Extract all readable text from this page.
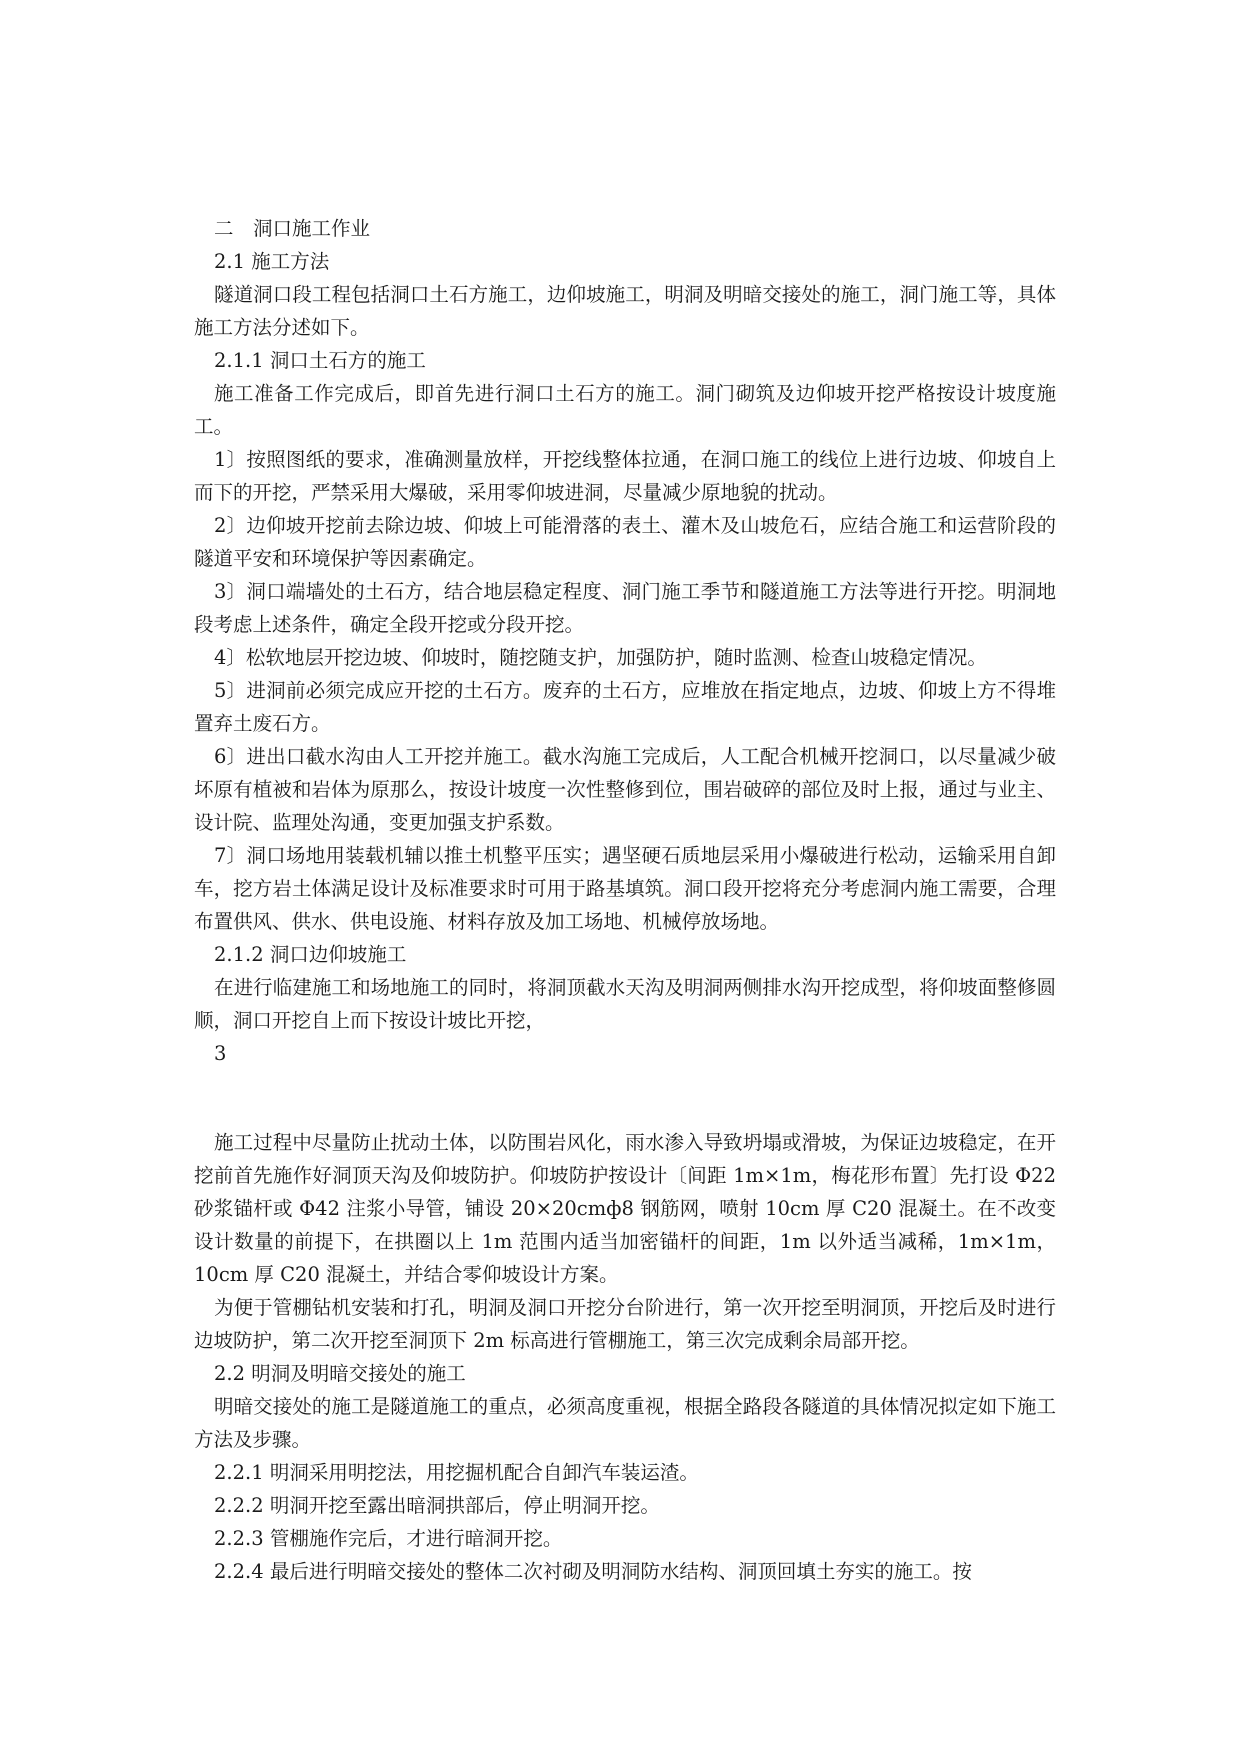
二　洞口施工作业

2.1 施工方法

隧道洞口段工程包括洞口土石方施工，边仰坡施工，明洞及明暗交接处的施工，洞门施工等，具体施工方法分述如下。

2.1.1 洞口土石方的施工

施工准备工作完成后，即首先进行洞口土石方的施工。洞门砌筑及边仰坡开挖严格按设计坡度施工。

1〕按照图纸的要求，准确测量放样，开挖线整体拉通，在洞口施工的线位上进行边坡、仰坡自上而下的开挖，严禁采用大爆破，采用零仰坡进洞，尽量减少原地貌的扰动。

2〕边仰坡开挖前去除边坡、仰坡上可能滑落的表土、灌木及山坡危石，应结合施工和运营阶段的隧道平安和环境保护等因素确定。

3〕洞口端墙处的土石方，结合地层稳定程度、洞门施工季节和隧道施工方法等进行开挖。明洞地段考虑上述条件，确定全段开挖或分段开挖。

4〕松软地层开挖边坡、仰坡时，随挖随支护，加强防护，随时监测、检查山坡稳定情况。

5〕进洞前必须完成应开挖的土石方。废弃的土石方，应堆放在指定地点，边坡、仰坡上方不得堆置弃土废石方。

6〕进出口截水沟由人工开挖并施工。截水沟施工完成后，人工配合机械开挖洞口，以尽量减少破坏原有植被和岩体为原那么，按设计坡度一次性整修到位，围岩破碎的部位及时上报，通过与业主、设计院、监理处沟通，变更加强支护系数。

7〕洞口场地用装载机辅以推土机整平压实；遇坚硬石质地层采用小爆破进行松动，运输采用自卸车，挖方岩土体满足设计及标准要求时可用于路基填筑。洞口段开挖将充分考虑洞内施工需要，合理布置供风、供水、供电设施、材料存放及加工场地、机械停放场地。

2.1.2 洞口边仰坡施工

在进行临建施工和场地施工的同时，将洞顶截水天沟及明洞两侧排水沟开挖成型，将仰坡面整修圆顺，洞口开挖自上而下按设计坡比开挖，

3

施工过程中尽量防止扰动土体，以防围岩风化，雨水渗入导致坍塌或滑坡，为保证边坡稳定，在开挖前首先施作好洞顶天沟及仰坡防护。仰坡防护按设计〔间距 1m×1m，梅花形布置〕先打设 Φ22 砂浆锚杆或 Φ42 注浆小导管，铺设 20×20cmф8 钢筋网，喷射 10cm 厚 C20 混凝土。在不改变设计数量的前提下，在拱圈以上 1m 范围内适当加密锚杆的间距，1m 以外适当减稀，1m×1m，10cm 厚 C20 混凝土，并结合零仰坡设计方案。

为便于管棚钻机安装和打孔，明洞及洞口开挖分台阶进行，第一次开挖至明洞顶，开挖后及时进行边坡防护，第二次开挖至洞顶下 2m 标高进行管棚施工，第三次完成剩余局部开挖。

2.2 明洞及明暗交接处的施工

明暗交接处的施工是隧道施工的重点，必须高度重视，根据全路段各隧道的具体情况拟定如下施工方法及步骤。

2.2.1 明洞采用明挖法，用挖掘机配合自卸汽车装运渣。

2.2.2 明洞开挖至露出暗洞拱部后，停止明洞开挖。

2.2.3 管棚施作完后，才进行暗洞开挖。

2.2.4 最后进行明暗交接处的整体二次衬砌及明洞防水结构、洞顶回填土夯实的施工。按
